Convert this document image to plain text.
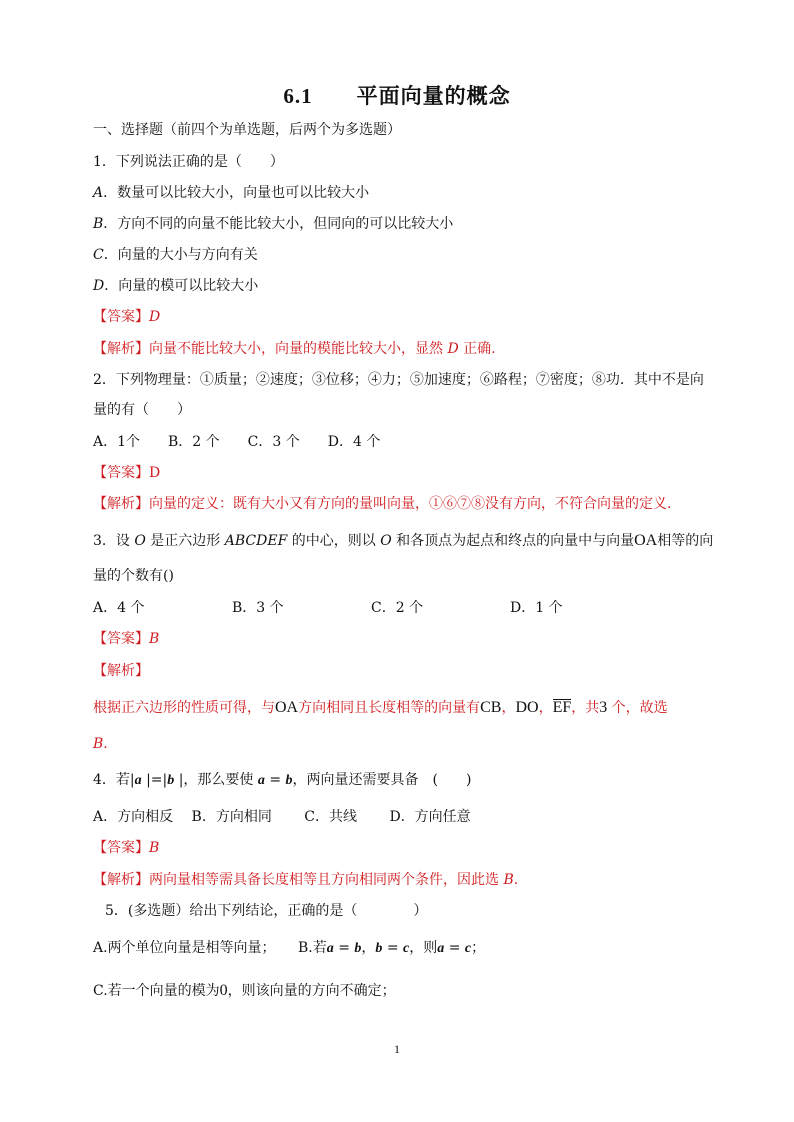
6.1 平面向量的概念
一、选择题（前四个为单选题，后两个为多选题）
1．下列说法正确的是（　　）
A．数量可以比较大小，向量也可以比较大小
B．方向不同的向量不能比较大小，但同向的可以比较大小
C．向量的大小与方向有关
D．向量的模可以比较大小
【答案】D
【解析】向量不能比较大小，向量的模能比较大小，显然 D 正确.
2．下列物理量：①质量；②速度；③位移；④力；⑤加速度；⑥路程；⑦密度；⑧功．其中不是向
量的有（　　）
A．1个　　B．2 个　　C．3 个　　D．4 个
【答案】D
【解析】向量的定义：既有大小又有方向的量叫向量，①⑥⑦⑧没有方向，不符合向量的定义.
3．设 O 是正六边形 ABCDEF 的中心，则以 O 和各顶点为起点和终点的向量中与向量OA相等的向
量的个数有()
A．4 个	B．3 个	C．2 个	D．1 个
【答案】B
【解析】
根据正六边形的性质可得，与OA方向相同且长度相等的向量有CB，DO，EF，共3 个，故选
B.
4．若|a |=|b |，那么要使 a = b，两向量还需要具备　(　　)
A．方向相反　 B．方向相同　　 C．共线　　 D．方向任意
【答案】B
【解析】两向量相等需具备长度相等且方向相同两个条件，因此选 B.
5．(多选题）给出下列结论，正确的是（　　　　）
A.两个单位向量是相等向量； B.若a = b，b = c，则a = c；
C.若一个向量的模为0，则该向量的方向不确定；
1
